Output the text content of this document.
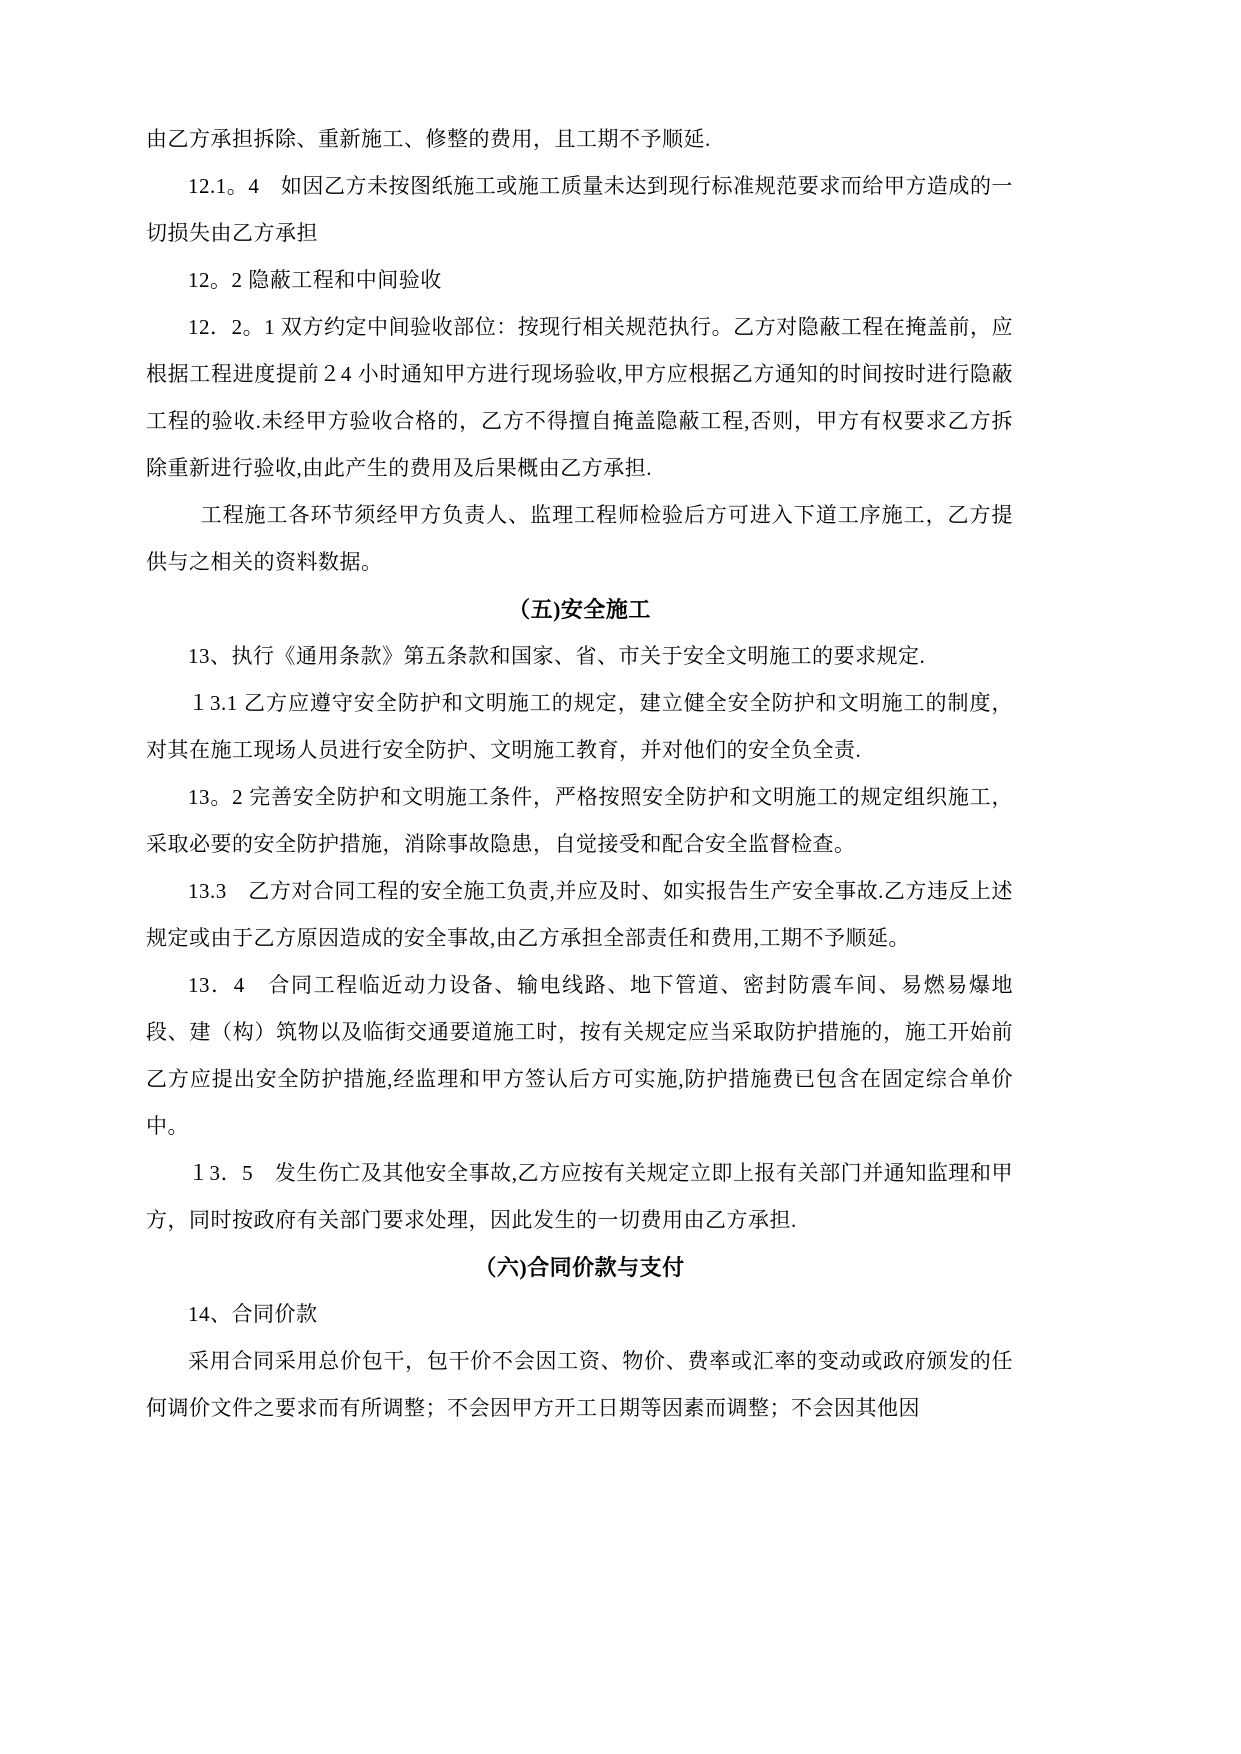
由乙方承担拆除、重新施工、修整的费用，且工期不予顺延.

12.1。4　如因乙方未按图纸施工或施工质量未达到现行标准规范要求而给甲方造成的一切损失由乙方承担

12。2 隐蔽工程和中间验收

12．2。1 双方约定中间验收部位：按现行相关规范执行。乙方对隐蔽工程在掩盖前，应根据工程进度提前２4 小时通知甲方进行现场验收,甲方应根据乙方通知的时间按时进行隐蔽工程的验收.未经甲方验收合格的，乙方不得擅自掩盖隐蔽工程,否则，甲方有权要求乙方拆除重新进行验收,由此产生的费用及后果概由乙方承担.

工程施工各环节须经甲方负责人、监理工程师检验后方可进入下道工序施工，乙方提供与之相关的资料数据。

（五)安全施工

13、执行《通用条款》第五条款和国家、省、市关于安全文明施工的要求规定.

１3.1 乙方应遵守安全防护和文明施工的规定，建立健全安全防护和文明施工的制度，对其在施工现场人员进行安全防护、文明施工教育，并对他们的安全负全责.

13。2 完善安全防护和文明施工条件，严格按照安全防护和文明施工的规定组织施工，采取必要的安全防护措施，消除事故隐患，自觉接受和配合安全监督检查。

13.3　乙方对合同工程的安全施工负责,并应及时、如实报告生产安全事故.乙方违反上述规定或由于乙方原因造成的安全事故,由乙方承担全部责任和费用,工期不予顺延。

13．4　合同工程临近动力设备、输电线路、地下管道、密封防震车间、易燃易爆地段、建（构）筑物以及临街交通要道施工时，按有关规定应当采取防护措施的，施工开始前乙方应提出安全防护措施,经监理和甲方签认后方可实施,防护措施费已包含在固定综合单价中。

１3．5　发生伤亡及其他安全事故,乙方应按有关规定立即上报有关部门并通知监理和甲方，同时按政府有关部门要求处理，因此发生的一切费用由乙方承担.

（六)合同价款与支付

14、合同价款

采用合同采用总价包干，包干价不会因工资、物价、费率或汇率的变动或政府颁发的任何调价文件之要求而有所调整；不会因甲方开工日期等因素而调整；不会因其他因
